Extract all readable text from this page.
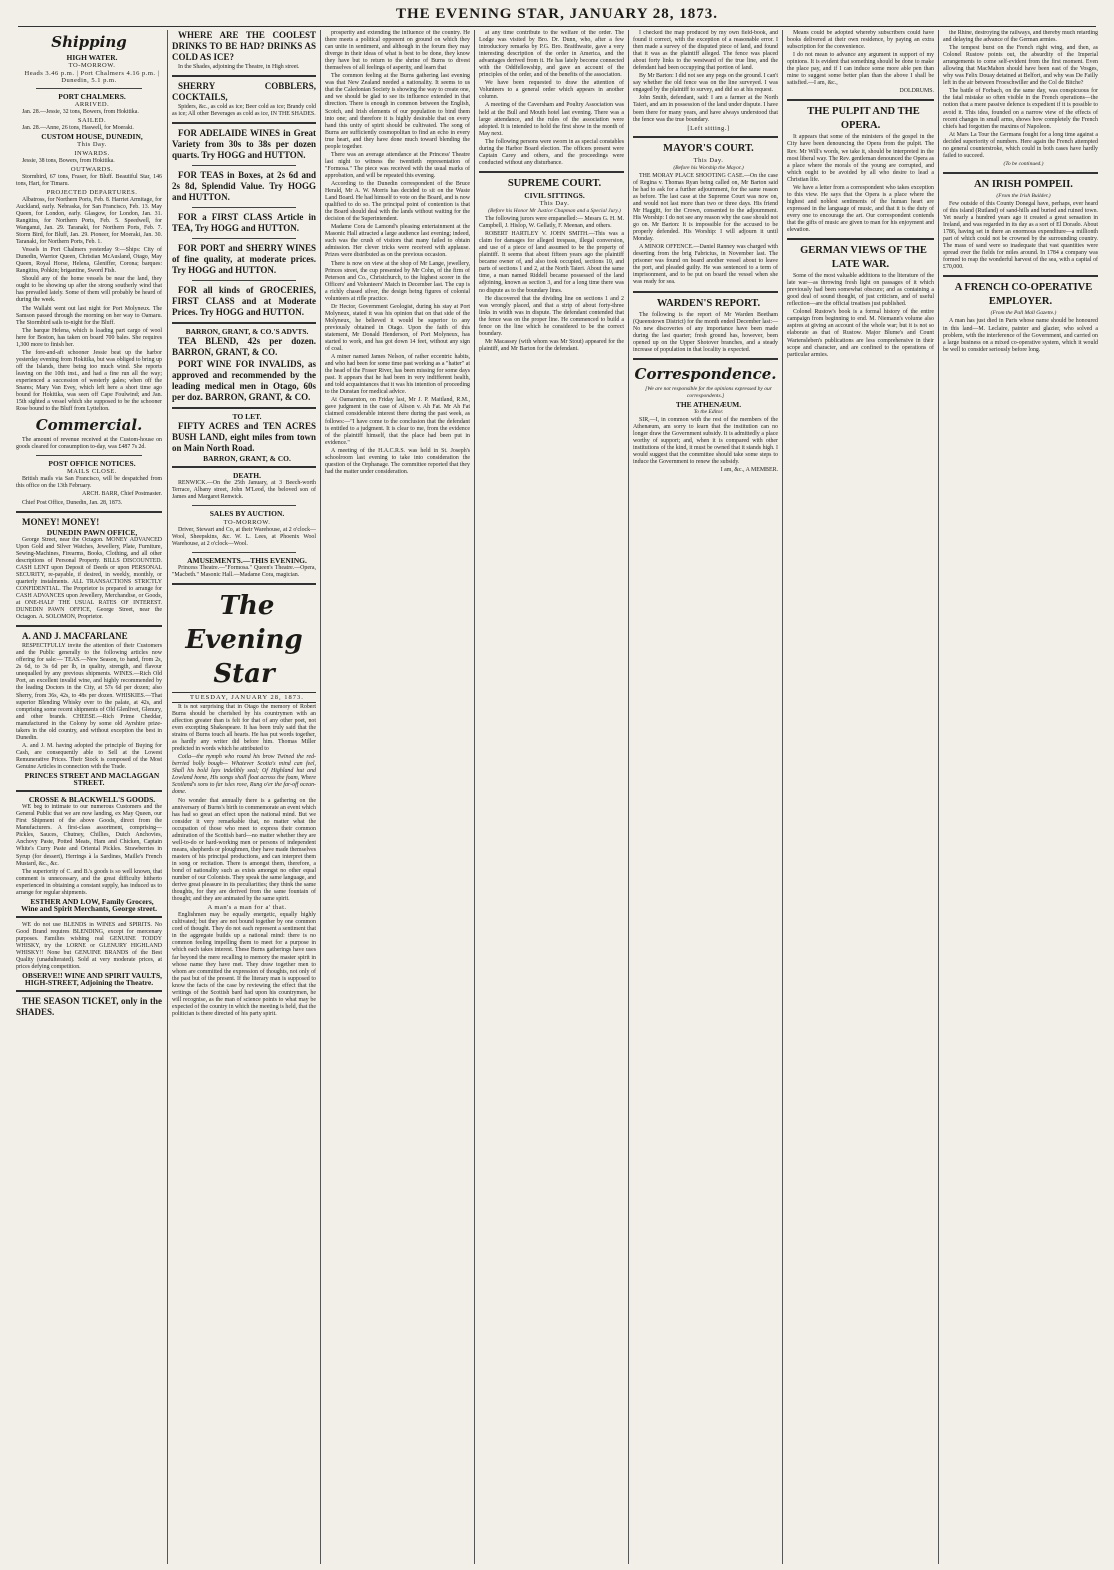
THE EVENING STAR, JANUARY 28, 1873.
Shipping

HIGH WATER.

TO-MORROW.

Heads 3.46 p.m. | Port Chalmers 4.16 p.m. | Dunedin, 5.1 p.m.

PORT CHALMERS.

ARRIVED.

Jan. 28.—Jessie, 32 tons, Bowers, from Hokitika.

SAILED.

Jan. 28.—Anne, 26 tons, Haswell, for Moeraki.

CUSTOM HOUSE, DUNEDIN,

This Day.

INWARDS.

Jessie, 38 tons, Bowers, from Hokitika.

OUTWARDS.

Stormbird, 67 tons, Fraser, for Bluff. Beautiful Star, 146 tons, Hart, for Timaru.

PROJECTED DEPARTURES.

Albatross, for Northern Ports, Feb. 8. Harriet Armitage, for Auckland, early. Nebraska, for San Francisco, Feb. 13. May Queen, for London, early. Glasgow, for London, Jan. 31. Rangitira, for Northern Ports, Feb. 5. Speedwell, for Wanganui, Jan. 29. Taranaki, for Northern Ports, Feb. 7. Storm Bird, for Bluff, Jan. 29. Pioneer, for Moeraki, Jan. 30. Taranaki, for Northern Ports, Feb. 1.

Vessels in Port Chalmers yesterday 9:—Ships: City of Dunedin, Warrior Queen, Christian McAusland, Otago, May Queen, Royal Horse, Helena, Gleniffer, Corona; barques: Rangitira, Pohkin; brigantine, Sword Fish.

Should any of the home vessels be near the land, they ought to be showing up after the strong southerly wind that has prevailed lately. Some of them will probably be heard of during the week.

The Wallabi went out last night for Port Molyneux. The Samson passed through the morning on her way to Oamaru. The Stormbird sails to-night for the Bluff.

The barque Helena, which is loading part cargo of wool here for Boston, has taken on board 700 bales. She requires 1,300 more to finish her.

The fore-and-aft schooner Jessie beat up the harbor yesterday evening from Hokitika, but was obliged to bring up off the Islands, there being too much wind. She reports leaving on the 10th inst., and had a fine run all the way; experienced a succession of westerly gales; when off the Snares; Mary Van Evey, which left here a short time ago bound for Hokitika, was seen off Cape Foulwind; and Jan. 15th sighted a vessel which she supposed to be the schooner Rose bound to the Bluff from Lyttelton.

Commercial.

The amount of revenue received at the Custom-house on goods cleared for consumption to-day, was £487 7s 2d.

POST OFFICE NOTICES.

MAILS CLOSE.

British mails via San Francisco, will be despatched from this office on the 13th February.

ARCH. BARR, Chief Postmaster.

Chief Post Office, Dunedin, Jan. 28, 1873.

MONEY! MONEY!

DUNEDIN PAWN OFFICE,

George Street, near the Octagon. MONEY ADVANCED Upon Gold and Silver Watches, Jewellery, Plate, Furniture, Sewing-Machines, Firearms, Books, Clothing, and all other descriptions of Personal Property. BILLS DISCOUNTED. CASH LENT upon Deposit of Deeds or upon PERSONAL SECURITY, re-payable, if desired, in weekly, monthly, or quarterly instalments. ALL TRANSACTIONS STRICTLY CONFIDENTIAL. The Proprietor is prepared to arrange for CASH ADVANCES upon Jewellery, Merchandise, or Goods, at ONE-HALF THE USUAL RATES OF INTEREST. DUNEDIN PAWN OFFICE, George Street, near the Octagon. A. SOLOMON, Proprietor.

A. AND J. MACFARLANE

RESPECTFULLY invite the attention of their Customers and the Public generally to the following articles now offering for sale:— TEAS.—New Season, to hand, from 2s, 2s 6d, to 3s 6d per lb, in quality, strength, and flavour unequalled by any previous shipments. WINES.—Rich Old Port, an excellent invalid wine, and highly recommended by the leading Doctors in the City, at 57s 6d per dozen; also Sherry, from 36s, 42s, to 48s per dozen. WHISKIES.—That superior Blending Whisky ever to the palate, at 42s, and comprising some recent shipments of Old Glenlivet, Glenury, and other brands. CHEESE.—Rich Prime Cheddar, manufactured in the Colony by some old Ayrshire prize-takers in the old country, and without exception the best in Dunedin.

A. and J. M. having adopted the principle of Buying for Cash, are consequently able to Sell at the Lowest Remunerative Prices. Their Stock is composed of the Most Genuine Articles in connection with the Trade.

PRINCES STREET AND MACLAGGAN STREET.

CROSSE & BLACKWELL'S GOODS.

WE beg to intimate to our numerous Customers and the General Public that we are now landing, ex May Queen, our First Shipment of the above Goods, direct from the Manufacturers. A first-class assortment, comprising— Pickles, Sauces, Chutney, Chillies, Dutch Anchovies, Anchovy Paste, Potted Meats, Ham and Chicken, Captain White's Curry Paste and Oriental Pickles. Strawberries in Syrup (for dessert), Herrings à la Sardines, Maille's French Mustard, &c., &c.

The superiority of C. and B.'s goods is so well known, that comment is unnecessary, and the great difficulty hitherto experienced in obtaining a constant supply, has induced us to arrange for regular shipments.

ESTHER AND LOW, Family Grocers, Wine and Spirit Merchants, George street.

WE do not use BLENDS in WINES and SPIRITS. No Good Brand requires BLENDING, except for mercenary purposes. Families wishing real GENUINE TODDY WHISKY, try the LORNE or GLENURY HIGHLAND WHISKY!! None but GENUINE BRANDS of the Best Quality (unadulterated). Sold at very moderate prices, at prices defying competition.

OBSERVE!! WINE AND SPIRIT VAULTS, HIGH-STREET, Adjoining the Theatre.

THE SEASON TICKET, only in the SHADES.

WHERE ARE THE COOLEST DRINKS TO BE HAD? DRINKS AS COLD AS ICE?

In the Shades, adjoining the Theatre, in High street.

SHERRY COBBLERS, COCKTAILS,

Spiders, &c., as cold as ice; Beer cold as ice; Brandy cold as ice; All other Beverages as cold as ice, IN THE SHADES.

FOR ADELAIDE WINES in Great Variety from 30s to 38s per dozen quarts. Try HOGG and HUTTON.

FOR TEAS in Boxes, at 2s 6d and 2s 8d, Splendid Value. Try HOGG and HUTTON.

FOR a FIRST CLASS Article in TEA, Try HOGG and HUTTON.

FOR PORT and SHERRY WINES of fine quality, at moderate prices. Try HOGG and HUTTON.

FOR all kinds of GROCERIES, FIRST CLASS and at Moderate Prices. Try HOGG and HUTTON.

BARRON, GRANT, & CO.'S ADVTS.

TEA BLEND, 42s per dozen. BARRON, GRANT, & CO.

PORT WINE FOR INVALIDS, as approved and recommended by the leading medical men in Otago, 60s per doz. BARRON, GRANT, & CO.

TO LET.

FIFTY ACRES and TEN ACRES BUSH LAND, eight miles from town on Main North Road.

BARRON, GRANT, & CO.

DEATH.

RENWICK.—On the 25th January, at 3 Beech-worth Terrace, Albany street, John M'Leod, the beloved son of James and Margaret Renwick.

SALES BY AUCTION.

TO-MORROW.

Driver, Stewart and Co, at their Warehouse, at 2 o'clock—Wool, Sheepskins, &c. W. L. Lees, at Phoenix Wool Warehouse, at 2 o'clock—Wool.

AMUSEMENTS.—THIS EVENING.

Princess Theatre.—"Formosa." Queen's Theatre.—Opera, "Macbeth." Masonic Hall.—Madame Cora, magician.

The Evening Star

TUESDAY, JANUARY 28, 1873.

It is not surprising that in Otago the memory of Robert Burns should be cherished by his countrymen with an affection greater than is felt for that of any other poet, not even excepting Shakespeare. It has been truly said that the strains of Burns touch all hearts. He has put words together, as hardly any writer did before him. Thomas Miller predicted in words which he attributed to

Coila—the nymph who round his brow Twined the red-berried holly bough— Whatever Scotia's mind can feel, Shall his bold lays indelibly seal; Of Highland hut and Lowland home, His songs shall float across the foam, Where Scotland's sons to far isles rove, Rung o'er the far-off ocean-dome.

No wonder that annually there is a gathering on the anniversary of Burns's birth to commemorate an event which has had so great an effect upon the national mind. But we consider it very remarkable that, no matter what the occupation of those who meet to express their common admiration of the Scottish bard—no matter whether they are well-to-do or hard-working men or persons of independent means, shepherds or ploughmen, they have made themselves masters of his principal productions, and can interpret them in song or recitation. There is amongst them, therefore, a bond of nationality such as exists amongst no other equal number of our Colonists. They speak the same language, and derive great pleasure in its peculiarities; they think the same thoughts, for they are derived from the same fountain of thought; and they are animated by the same spirit.

A man's a man for a' that.

Englishmen may be equally energetic, equally highly cultivated; but they are not bound together by one common cord of thought. They do not each represent a sentiment that in the aggregate builds up a national mind: there is no common feeling impelling them to meet for a purpose in which each takes interest. These Burns gatherings have uses far beyond the mere recalling to memory the master spirit in whose name they have met. They draw together men to whom are committed the expression of thoughts, not only of the past but of the present. If the literary man is supposed to know the facts of the case by reviewing the effect that the writings of the Scottish bard had upon his countrymen, he will recognise, as the man of science points to what may be expected of the country in which the meeting is held, that the politician is there directed of his party spirit.

prosperity and extending the influence of the country. He there meets a political opponent on ground on which they can unite in sentiment, and although in the forum they may diverge in their ideas of what is best to be done, they know they have but to return to the shrine of Burns to divest themselves of all feelings of asperity, and learn that

The common feeling at the Burns gathering last evening was that New Zealand needed a nationality. It seems to us that the Caledonian Society is showing the way to create one, and we should be glad to see its influence extended in that direction. There is enough in common between the English, Scotch, and Irish elements of our population to bind them into one; and therefore it is highly desirable that on every hand this unity of spirit should be cultivated. The song of Burns are sufficiently cosmopolitan to find an echo in every true heart, and they have done much toward blending the people together.

There was an average attendance at the Princess' Theatre last night to witness the twentieth representation of "Formosa." The piece was received with the usual marks of approbation, and will be repeated this evening.

According to the Dunedin correspondent of the Bruce Herald, Mr A. W. Morris has decided to sit on the Waste Land Board. He had himself to vote on the Board, and is now qualified to do so. The principal point of contention is that the Board should deal with the lands without waiting for the decision of the Superintendent.

Madame Cora de Lamond's pleasing entertainment at the Masonic Hall attracted a large audience last evening; indeed, such was the crush of visitors that many failed to obtain admission. Her clever tricks were received with applause. Prizes were distributed as on the previous occasion.

There is now on view at the shop of Mr Lange, jewellery, Princes street, the cup presented by Mr Cohn, of the firm of Peterson and Co., Christchurch, to the highest scorer in the Officers' and Volunteers' Match in December last. The cup is a richly chased silver, the design being figures of colonial volunteers at rifle practice.

Dr Hector, Government Geologist, during his stay at Port Molyneux, stated it was his opinion that on that side of the Molyneux, he believed it would be superior to any previously obtained in Otago. Upon the faith of this statement, Mr Donald Henderson, of Port Molyneux, has started to work, and has got down 14 feet, without any sign of coal.

A miner named James Nelson, of rather eccentric habits, and who had been for some time past working as a "hatter" at the head of the Fraser River, has been missing for some days past. It appears that he had been in very indifferent health, and told acquaintances that it was his intention of proceeding to the Dunstan for medical advice.

At Oamaruton, on Friday last, Mr J. P. Maitland, R.M., gave judgment in the case of Alison v. Ah Fat. Mr Ah Fat claimed considerable interest there during the past week, as follows:—"I have come to the conclusion that the defendant is entitled to a judgment. It is clear to me, from the evidence of the plaintiff himself, that the place had been put in evidence."

A meeting of the H.A.C.R.S. was held in St. Joseph's schoolroom last evening to take into consideration the question of the Orphanage. The committee reported that they had the matter under consideration.

at any time contribute to the welfare of the order. The Lodge was visited by Bro. Dr. Dunn, who, after a few introductory remarks by P.G. Bro. Braithwaite, gave a very interesting description of the order in America, and the advantages derived from it. He has lately become connected with the Oddfellowship, and gave an account of the principles of the order, and of the benefits of the association.

We have been requested to draw the attention of Volunteers to a general order which appears in another column.

A meeting of the Caversham and Poultry Association was held at the Bull and Mouth hotel last evening. There was a large attendance, and the rules of the association were adopted. It is intended to hold the first show in the month of May next.

The following persons were sworn in as special constables during the Harbor Board election. The officers present were Captain Carey and others, and the proceedings were conducted without any disturbance.

SUPREME COURT.

CIVIL SITTINGS.

This Day.

(Before his Honor Mr Justice Chapman and a Special Jury.)

The following jurors were empanelled:— Messrs G. H. M. Campbell, J. Hislop, W. Gellatly, F. Meenan, and others.

ROBERT HARTLEY V. JOHN SMITH.—This was a claim for damages for alleged trespass, illegal conversion, and use of a piece of land assumed to be the property of plaintiff. It seems that about fifteen years ago the plaintiff became owner of, and also took occupied, sections 10, and parts of sections 1 and 2, at the North Taieri. About the same time, a man named Riddell became possessed of the land adjoining, known as section 3, and for a long time there was no dispute as to the boundary lines.

He discovered that the dividing line on sections 1 and 2 was wrongly placed, and that a strip of about forty-three links in width was in dispute. The defendant contended that the fence was on the proper line. He commenced to build a fence on the line which he considered to be the correct boundary.

Mr Macassey (with whom was Mr Stout) appeared for the plaintiff, and Mr Barton for the defendant.

I checked the map produced by my own field-book, and found it correct, with the exception of a reasonable error. I then made a survey of the disputed piece of land, and found that it was as the plaintiff alleged. The fence was placed about forty links to the westward of the true line, and the defendant had been occupying that portion of land.

By Mr Barton: I did not see any pegs on the ground. I can't say whether the old fence was on the line surveyed. I was engaged by the plaintiff to survey, and did so at his request.

John Smith, defendant, said: I am a farmer at the North Taieri, and am in possession of the land under dispute. I have been there for many years, and have always understood that the fence was the true boundary.

[Left sitting.]

MAYOR'S COURT.

This Day.

(Before his Worship the Mayor.)

THE MORAY PLACE SHOOTING CASE.—On the case of Regina v. Thomas Ryan being called on, Mr Barton said he had to ask for a further adjournment, for the same reason as before. The last case at the Supreme Court was now on, and would not last more than two or three days. His friend Mr Haggitt, for the Crown, consented to the adjournment. His Worship: I do not see any reason why the case should not go on. Mr Barton: It is impossible for the accused to be properly defended. His Worship: I will adjourn it until Monday.

A MINOR OFFENCE.—Daniel Ranney was charged with deserting from the brig Fabricius, in November last. The prisoner was found on board another vessel about to leave the port, and pleaded guilty. He was sentenced to a term of imprisonment, and to be put on board the vessel when she was ready for sea.

WARDEN'S REPORT.

The following is the report of Mr Warden Beetham (Queenstown District) for the month ended December last:— No new discoveries of any importance have been made during the last quarter; fresh ground has, however, been opened up on the Upper Shotover branches, and a steady increase of population in that locality is expected.

Correspondence.

[We are not responsible for the opinions expressed by our correspondents.]

THE ATHENÆUM.

To the Editor.

SIR,—I, in common with the rest of the members of the Athenæum, am sorry to learn that the institution can no longer draw the Government subsidy. It is admittedly a place worthy of support; and, when it is compared with other institutions of the kind, it must be owned that it stands high. I would suggest that the committee should take some steps to induce the Government to renew the subsidy.

I am, &c., A MEMBER.

Means could be adopted whereby subscribers could have books delivered at their own residence, by paying an extra subscription for the convenience.

I do not mean to advance any argument in support of my opinions. It is evident that something should be done to make the place pay, and if I can induce some more able pen than mine to suggest some better plan than the above I shall be satisfied.—I am, &c.,

DOLDRUMS.

THE PULPIT AND THE OPERA.

It appears that some of the ministers of the gospel in the City have been denouncing the Opera from the pulpit. The Rev. Mr Will's words, we take it, should be interpreted in the most liberal way. The Rev. gentleman denounced the Opera as a place where the morals of the young are corrupted, and which ought to be avoided by all who desire to lead a Christian life.

We have a letter from a correspondent who takes exception to this view. He says that the Opera is a place where the highest and noblest sentiments of the human heart are expressed in the language of music, and that it is the duty of every one to encourage the art. Our correspondent contends that the gifts of music are given to man for his enjoyment and elevation.

GERMAN VIEWS OF THE LATE WAR.

Some of the most valuable additions to the literature of the late war—as throwing fresh light on passages of it which previously had been somewhat obscure; and as containing a good deal of sound thought, of just criticism, and of useful reflection—are the official treatises just published.

Colonel Rustow's book is a formal history of the entire campaign from beginning to end. M. Niemann's volume also aspires at giving an account of the whole war; but it is not so elaborate as that of Rustow. Major Blume's and Count Wartensleben's publications are less comprehensive in their scope and character, and are confined to the operations of particular armies.

the Rhine, destroying the railways, and thereby much retarding and delaying the advance of the German armies.

The tempest burst on the French right wing, and then, as Colonel Rustow points out, the absurdity of the Imperial arrangements to come self-evident from the first moment. Even allowing that MacMahon should have been east of the Vosges, why was Felix Douay detained at Belfort, and why was De Failly left in the air between Froeschwiller and the Col de Bitche?

The battle of Forbach, on the same day, was conspicuous for the fatal mistake so often visible in the French operations—the notion that a mere passive defence is expedient if it is possible to avoid it. This idea, founded on a narrow view of the effects of recent changes in small arms, shows how completely the French chiefs had forgotten the maxims of Napoleon.

At Mars La Tour the Germans fought for a long time against a decided superiority of numbers. Here again the French attempted no general counterstroke, which could in both cases have hardly failed to succeed.

(To be continued.)

AN IRISH POMPEII.

(From the Irish Builder.)

Few outside of this County Donegal have, perhaps, ever heard of this island (Rutland) of sand-hills and buried and ruined town. Yet nearly a hundred years ago it created a great sensation in Ireland, and was regarded in its day as a sort of El Dorado. About 1786, having set in there an enormous expenditure—a millionth part of which could not be crowned by the surrounding country. The mass of sand were so inadequate that vast quantities were spread over the fields for miles around. In 1784 a company was formed to reap the wonderful harvest of the sea, with a capital of £70,000.

A FRENCH CO-OPERATIVE EMPLOYER.

(From the Pall Mall Gazette.)

A man has just died in Paris whose name should be honoured in this land—M. Leclaire, painter and glazier, who solved a problem, with the interference of the Government, and carried on a large business on a mixed co-operative system, which it would be well to consider seriously before long.
